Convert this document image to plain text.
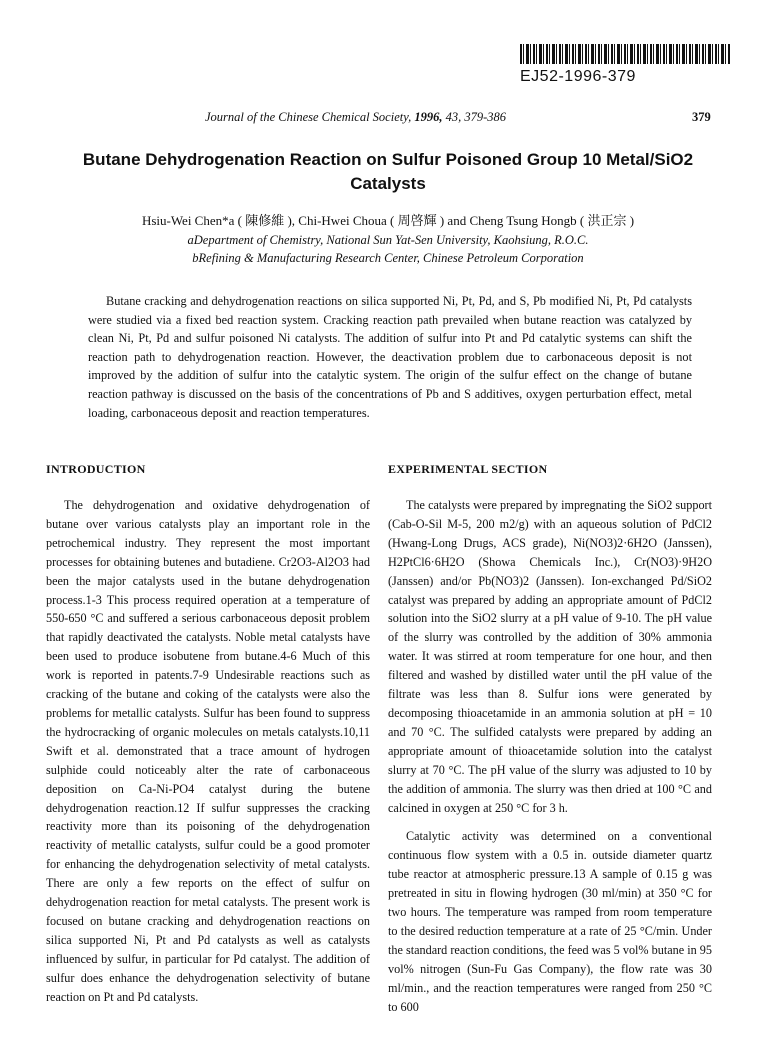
EJ52-1996-379
Journal of the Chinese Chemical Society, 1996, 43, 379-386	379
Butane Dehydrogenation Reaction on Sulfur Poisoned Group 10 Metal/SiO2 Catalysts
Hsiu-Wei Chen*a ( 陳修維 ), Chi-Hwei Choua ( 周啓輝 ) and Cheng Tsung Hongb ( 洪正宗 )
aDepartment of Chemistry, National Sun Yat-Sen University, Kaohsiung, R.O.C.
bRefining & Manufacturing Research Center, Chinese Petroleum Corporation
Butane cracking and dehydrogenation reactions on silica supported Ni, Pt, Pd, and S, Pb modified Ni, Pt, Pd catalysts were studied via a fixed bed reaction system. Cracking reaction path prevailed when butane reaction was catalyzed by clean Ni, Pt, Pd and sulfur poisoned Ni catalysts. The addition of sulfur into Pt and Pd catalytic systems can shift the reaction path to dehydrogenation reaction. However, the deactivation problem due to carbonaceous deposit is not improved by the addition of sulfur into the catalytic system. The origin of the sulfur effect on the change of butane reaction pathway is discussed on the basis of the concentrations of Pb and S additives, oxygen perturbation effect, metal loading, carbonaceous deposit and reaction temperatures.
INTRODUCTION	EXPERIMENTAL SECTION

The dehydrogenation and oxidative dehydrogenation of butane over various catalysts play an important role in the petrochemical industry. They represent the most important processes for obtaining butenes and butadiene. Cr2O3-Al2O3 had been the major catalysts used in the butane dehydrogenation process.1-3 This process required operation at a temperature of 550-650 °C and suffered a serious carbonaceous deposit problem that rapidly deactivated the catalysts. Noble metal catalysts have been used to produce isobutene from butane.4-6 Much of this work is reported in patents.7-9 Undesirable reactions such as cracking of the butane and coking of the catalysts were also the problems for metallic catalysts. Sulfur has been found to suppress the hydrocracking of organic molecules on metals catalysts.10,11 Swift et al. demonstrated that a trace amount of hydrogen sulphide could noticeably alter the rate of carbonaceous deposition on Ca-Ni-PO4 catalyst during the butene dehydrogenation reaction.12 If sulfur suppresses the cracking reactivity more than its poisoning of the dehydrogenation reactivity of metallic catalysts, sulfur could be a good promoter for enhancing the dehydrogenation selectivity of metal catalysts. There are only a few reports on the effect of sulfur on dehydrogenation reaction for metal catalysts. The present work is focused on butane cracking and dehydrogenation reactions on silica supported Ni, Pt and Pd catalysts as well as catalysts influenced by sulfur, in particular for Pd catalyst. The addition of sulfur does enhance the dehydrogenation selectivity of butane reaction on Pt and Pd catalysts.

The catalysts were prepared by impregnating the SiO2 support (Cab-O-Sil M-5, 200 m2/g) with an aqueous solution of PdCl2 (Hwang-Long Drugs, ACS grade), Ni(NO3)2·6H2O (Janssen), H2PtCl6·6H2O (Showa Chemicals Inc.), Cr(NO3)·9H2O (Janssen) and/or Pb(NO3)2 (Janssen). Ion-exchanged Pd/SiO2 catalyst was prepared by adding an appropriate amount of PdCl2 solution into the SiO2 slurry at a pH value of 9-10. The pH value of the slurry was controlled by the addition of 30% ammonia water. It was stirred at room temperature for one hour, and then filtered and washed by distilled water until the pH value of the filtrate was less than 8. Sulfur ions were generated by decomposing thioacetamide in an ammonia solution at pH = 10 and 70 °C. The sulfided catalysts were prepared by adding an appropriate amount of thioacetamide solution into the catalyst slurry at 70 °C. The pH value of the slurry was adjusted to 10 by the addition of ammonia. The slurry was then dried at 100 °C and calcined in oxygen at 250 °C for 3 h.

Catalytic activity was determined on a conventional continuous flow system with a 0.5 in. outside diameter quartz tube reactor at atmospheric pressure.13 A sample of 0.15 g was pretreated in situ in flowing hydrogen (30 ml/min) at 350 °C for two hours. The temperature was ramped from room temperature to the desired reduction temperature at a rate of 25 °C/min. Under the standard reaction conditions, the feed was 5 vol% butane in 95 vol% nitrogen (Sun-Fu Gas Company), the flow rate was 30 ml/min., and the reaction temperatures were ranged from 250 °C to 600
